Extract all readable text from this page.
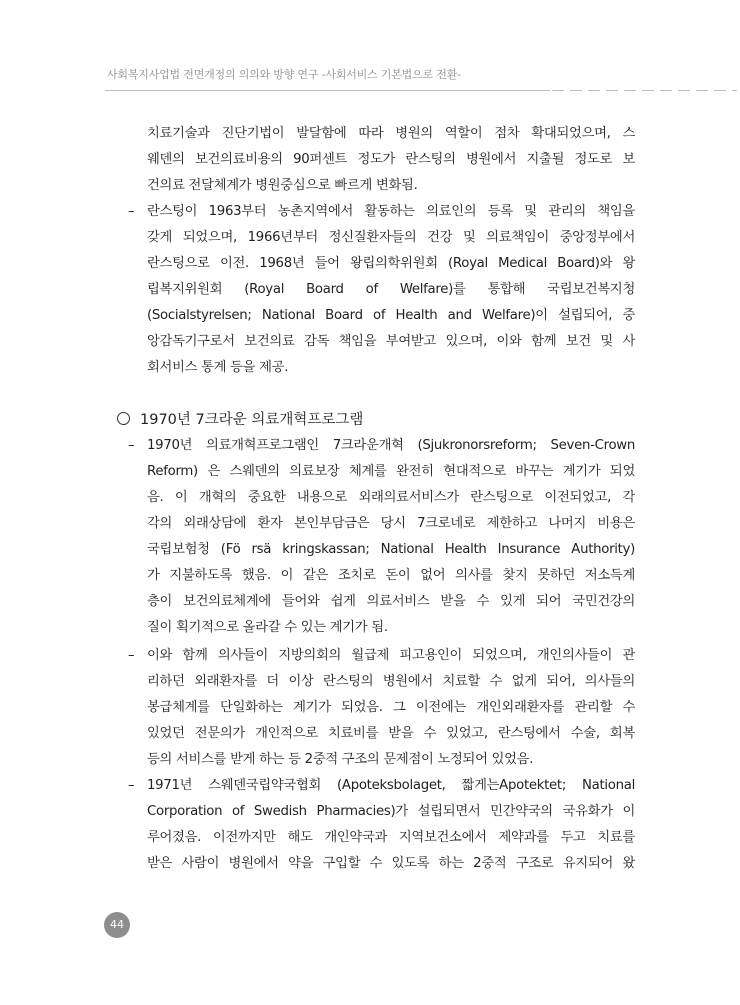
사회복지사업법 전면개정의 의의와 방향 연구 -사회서비스 기본법으로 전환-
치료기술과 진단기법이 발달함에 따라 병원의 역할이 점차 확대되었으며, 스
웨덴의 보건의료비용의 90퍼센트 정도가 란스팅의 병원에서 지출될 정도로 보
건의료 전달체계가 병원중심으로 빠르게 변화됨.
– 란스팅이 1963부터 농촌지역에서 활동하는 의료인의 등록 및 관리의 책임을
갖게 되었으며, 1966년부터 정신질환자들의 건강 및 의료책임이 중앙정부에서
란스팅으로 이전. 1968년 들어 왕립의학위원회 (Royal Medical Board)와 왕
립복지위원회 (Royal Board of Welfare)를 통합해 국립보건복지청
(Socialstyrelsen; National Board of Health and Welfare)이 설립되어, 중
앙감독기구로서 보건의료 감독 책임을 부여받고 있으며, 이와 함께 보건 및 사
회서비스 통계 등을 제공.
1970년 7크라운 의료개혁프로그램
– 1970년 의료개혁프로그램인 7크라운개혁 (Sjukronorsreform; Seven-Crown
Reform) 은 스웨덴의 의료보장 체계를 완전히 현대적으로 바꾸는 계기가 되었
음. 이 개혁의 중요한 내용으로 외래의료서비스가 란스팅으로 이전되었고, 각
각의 외래상담에 환자 본인부담금은 당시 7크로네로 제한하고 나머지 비용은
국립보험청 (Fö rsä kringskassan; National Health Insurance Authority)
가 지불하도록 했음. 이 같은 조치로 돈이 없어 의사를 찾지 못하던 저소득계
층이 보건의료체계에 들어와 쉽게 의료서비스 받을 수 있게 되어 국민건강의
질이 획기적으로 올라갈 수 있는 계기가 됨.
– 이와 함께 의사들이 지방의회의 월급제 피고용인이 되었으며, 개인의사들이 관
리하던 외래환자를 더 이상 란스팅의 병원에서 치료할 수 없게 되어, 의사들의
봉급체계를 단일화하는 계기가 되었음. 그 이전에는 개인외래환자를 관리할 수
있었던 전문의가 개인적으로 치료비를 받을 수 있었고, 란스팅에서 수술, 회복
등의 서비스를 받게 하는 등 2중적 구조의 문제점이 노정되어 있었음.
– 1971년 스웨덴국립약국협회 (Apoteksbolaget, 짧게는Apotektet; National
Corporation of Swedish Pharmacies)가 설립되면서 민간약국의 국유화가 이
루어졌음. 이전까지만 해도 개인약국과 지역보건소에서 제약과를 두고 치료를
받은 사람이 병원에서 약을 구입할 수 있도록 하는 2중적 구조로 유지되어 왔
44
